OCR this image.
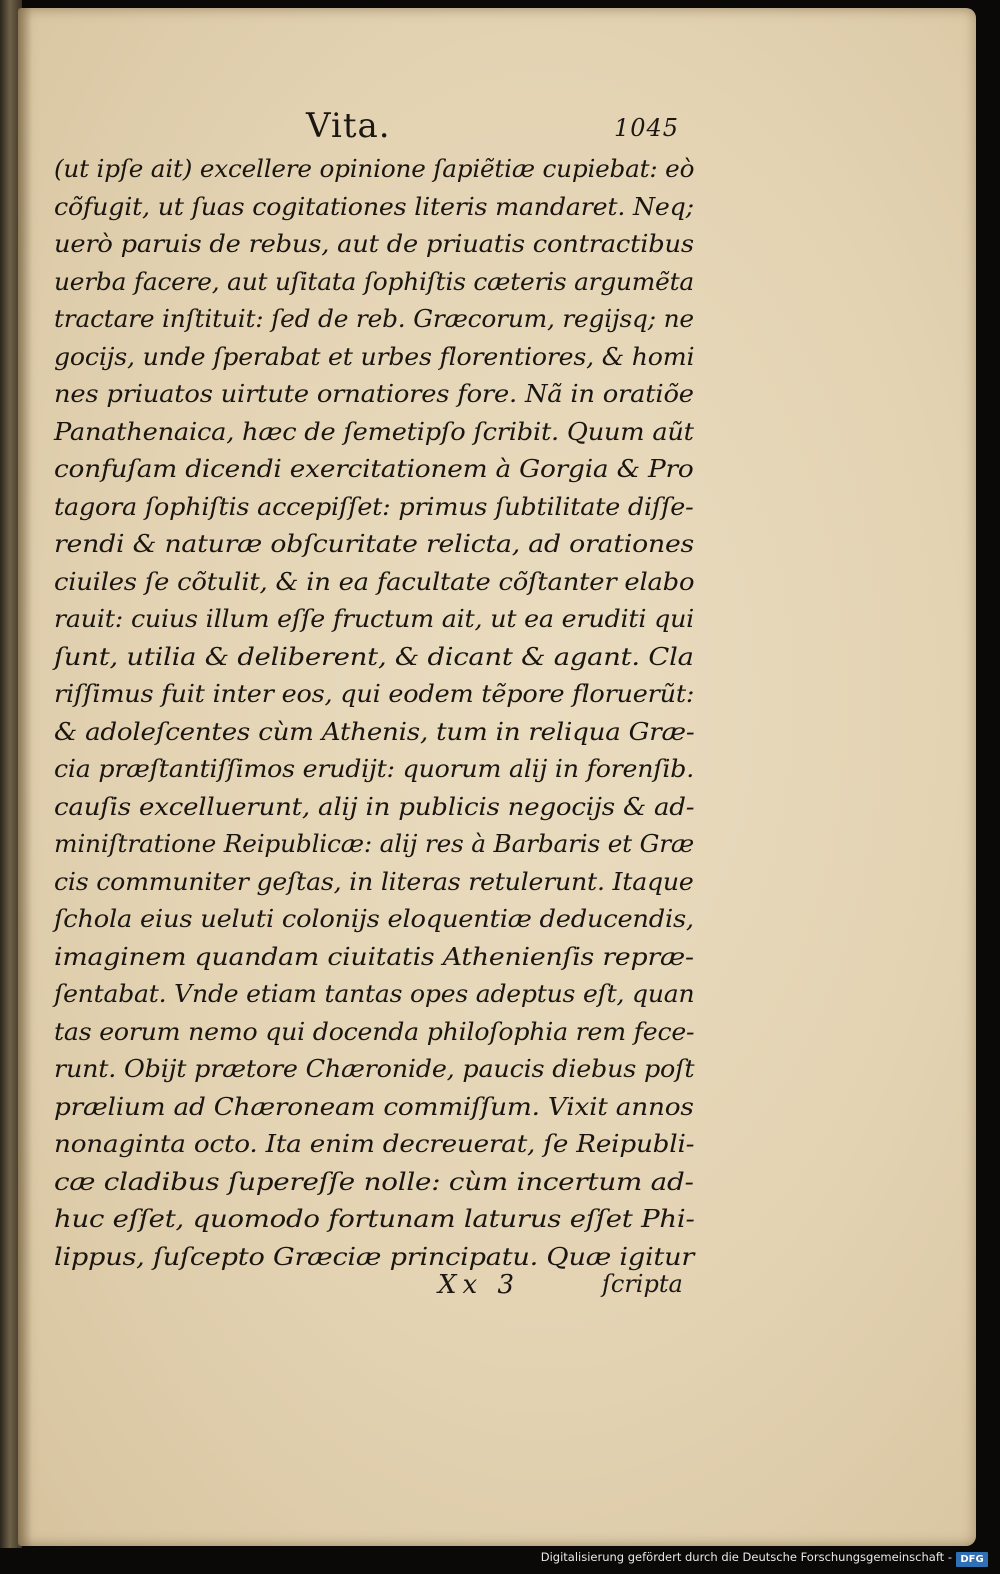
Vita.	1045
(ut ipſe ait) excellere opinione ſapiẽtiæ cupiebat: eò
cõfugit, ut ſuas cogitationes literis mandaret. Neq;
uerò paruis de rebus, aut de priuatis contractibus
uerba facere, aut uſitata ſophiſtis cæteris argumẽta
tractare inſtituit: ſed de reb. Græcorum, regijsq; ne
gocijs, unde ſperabat et urbes florentiores, & homi
nes priuatos uirtute ornatiores fore. Nã in oratiõe
Panathenaica, hæc de ſemetipſo ſcribit. Quum aũt
confuſam dicendi exercitationem à Gorgia & Pro
tagora ſophiſtis accepiſſet: primus ſubtilitate diſſe-
rendi & naturæ obſcuritate relicta, ad orationes
ciuiles ſe cõtulit, & in ea facultate cõſtanter elabo
rauit: cuius illum eſſe fructum ait, ut ea eruditi qui
ſunt, utilia & deliberent, & dicant & agant. Cla
riſſimus fuit inter eos, qui eodem tẽpore floruerũt:
& adoleſcentes cùm Athenis, tum in reliqua Græ-
cia præſtantiſſimos erudijt: quorum alij in forenſib.
cauſis excelluerunt, alij in publicis negocijs & ad-
miniſtratione Reipublicæ: alij res à Barbaris et Græ
cis communiter geſtas, in literas retulerunt. Itaque
ſchola eius ueluti colonijs eloquentiæ deducendis,
imaginem quandam ciuitatis Athenienſis repræ-
ſentabat. Vnde etiam tantas opes adeptus eſt, quan
tas eorum nemo qui docenda philoſophia rem fece-
runt. Obijt prætore Chæronide, paucis diebus poſt
prælium ad Chæroneam commiſſum. Vixit annos
nonaginta octo. Ita enim decreuerat, ſe Reipubli-
cæ cladibus ſupereſſe nolle: cùm incertum ad-
huc eſſet, quomodo fortunam laturus eſſet Phi-
lippus, ſuſcepto Græciæ principatu. Quæ igitur
Xx 3	ſcripta
Digitalisierung gefördert durch die Deutsche Forschungsgemeinschaft - DFG
